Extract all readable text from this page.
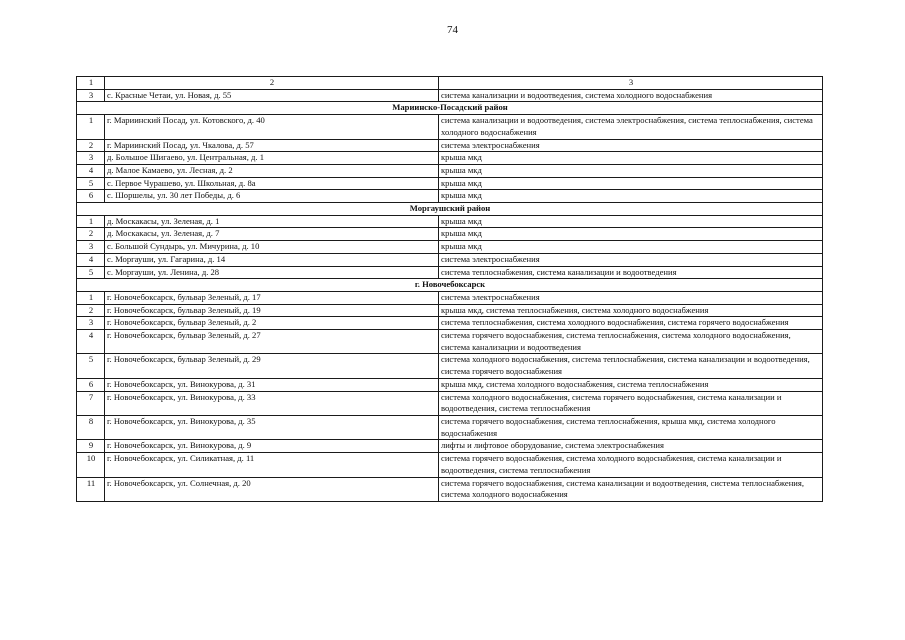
74
1	2	3
3	с. Красные Четаи, ул. Новая, д. 55	система канализации и водоотведения, система холодного водоснабжения
Мариинско-Посадский район		
1	г. Мариинский Посад, ул. Котовского, д. 40	система канализации и водоотведения, система электроснабжения, система теплоснабжения, система холодного водоснабжения
2	г. Мариинский Посад, ул. Чкалова, д. 57	система электроснабжения
3	д. Большое Шигаево, ул. Центральная, д. 1	крыша мкд
4	д. Малое Камаево, ул. Лесная, д. 2	крыша мкд
5	с. Первое Чурашево, ул. Школьная, д. 8а	крыша мкд
6	с. Шоршелы, ул. 30 лет Победы, д. 6	крыша мкд
Моргаушский район		
1	д. Москакасы, ул. Зеленая, д. 1	крыша мкд
2	д. Москакасы, ул. Зеленая, д. 7	крыша мкд
3	с. Большой Сундырь, ул. Мичурина, д. 10	крыша мкд
4	с. Моргауши, ул. Гагарина, д. 14	система электроснабжения
5	с. Моргауши, ул. Ленина, д. 28	система теплоснабжения, система канализации и водоотведения
г. Новочебоксарск		
1	г. Новочебоксарск, бульвар Зеленый, д. 17	система электроснабжения
2	г. Новочебоксарск, бульвар Зеленый, д. 19	крыша мкд, система теплоснабжения, система холодного водоснабжения
3	г. Новочебоксарск, бульвар Зеленый, д. 2	система теплоснабжения, система холодного водоснабжения, система горячего водоснабжения
4	г. Новочебоксарск, бульвар Зеленый, д. 27	система горячего водоснабжения, система теплоснабжения, система холодного водоснабжения, система канализации и водоотведения
5	г. Новочебоксарск, бульвар Зеленый, д. 29	система холодного водоснабжения, система теплоснабжения, система канализации и водоотведения, система горячего водоснабжения
6	г. Новочебоксарск, ул. Винокурова, д. 31	крыша мкд, система холодного водоснабжения, система теплоснабжения
7	г. Новочебоксарск, ул. Винокурова, д. 33	система холодного водоснабжения, система горячего водоснабжения, система канализации и водоотведения, система теплоснабжения
8	г. Новочебоксарск, ул. Винокурова, д. 35	система горячего водоснабжения, система теплоснабжения, крыша мкд, система холодного водоснабжения
9	г. Новочебоксарск, ул. Винокурова, д. 9	лифты и лифтовое оборудование, система электроснабжения
10	г. Новочебоксарск, ул. Силикатная, д. 11	система горячего водоснабжения, система холодного водоснабжения, система канализации и водоотведения, система теплоснабжения
11	г. Новочебоксарск, ул. Солнечная, д. 20	система горячего водоснабжения, система канализации и водоотведения, система теплоснабжения, система холодного водоснабжения
